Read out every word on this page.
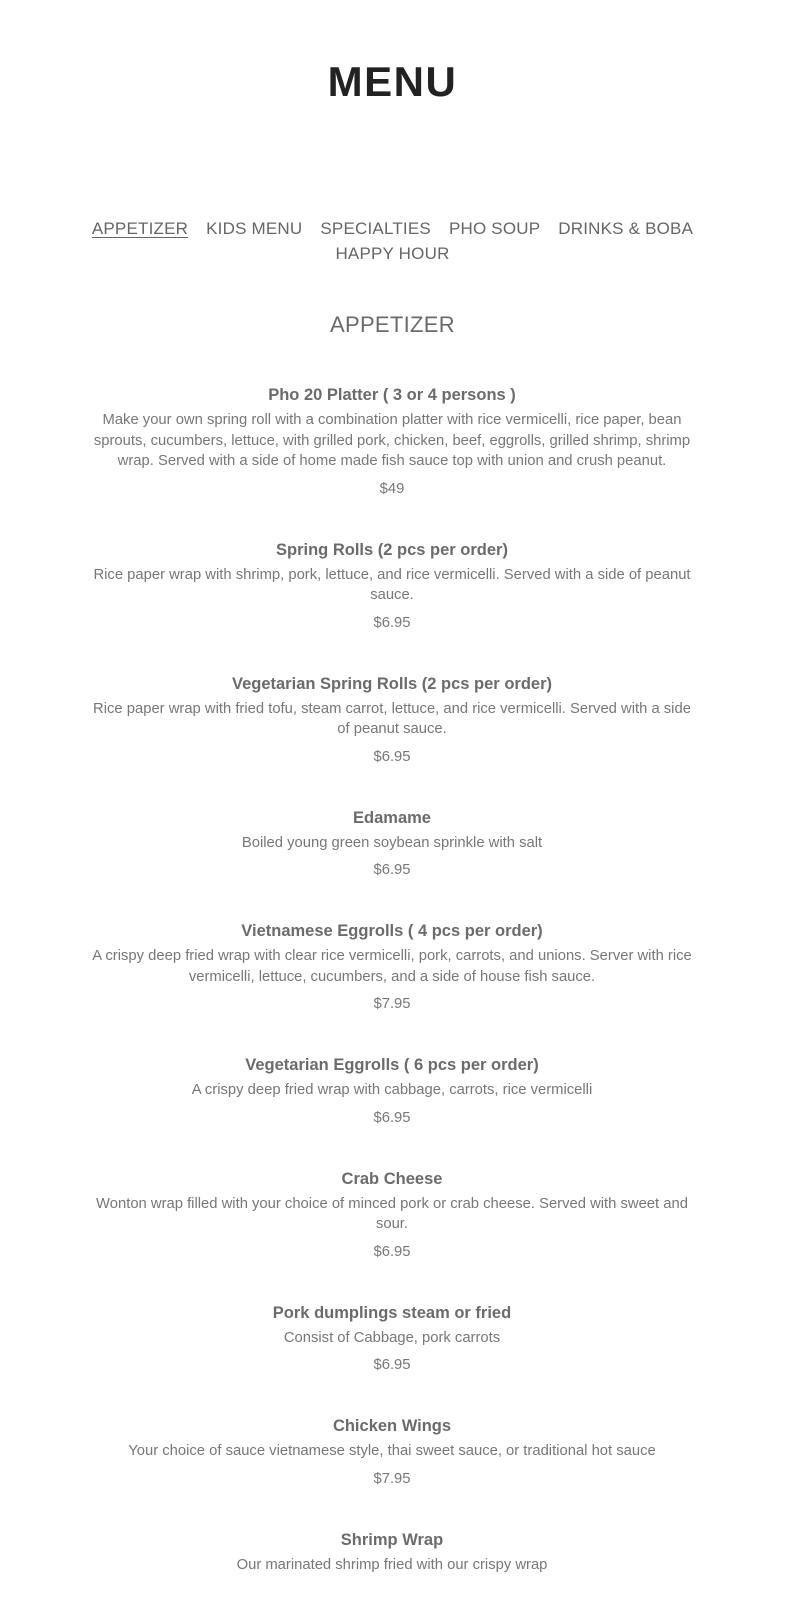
MENU
APPETIZER KIDS MENU SPECIALTIES PHO SOUP DRINKS & BOBA
HAPPY HOUR
APPETIZER
Pho 20 Platter ( 3 or 4 persons )

Make your own spring roll with a combination platter with rice vermicelli, rice paper, bean sprouts, cucumbers, lettuce, with grilled pork, chicken, beef, eggrolls, grilled shrimp, shrimp wrap. Served with a side of home made fish sauce top with union and crush peanut.

$49
Spring Rolls (2 pcs per order)

Rice paper wrap with shrimp, pork, lettuce, and rice vermicelli. Served with a side of peanut sauce.

$6.95
Vegetarian Spring Rolls (2 pcs per order)

Rice paper wrap with fried tofu, steam carrot, lettuce, and rice vermicelli. Served with a side of peanut sauce.

$6.95
Edamame

Boiled young green soybean sprinkle with salt

$6.95
Vietnamese Eggrolls ( 4 pcs per order)

A crispy deep fried wrap with clear rice vermicelli, pork, carrots, and unions. Server with rice vermicelli, lettuce, cucumbers, and a side of house fish sauce.

$7.95
Vegetarian Eggrolls ( 6 pcs per order)

A crispy deep fried wrap with cabbage, carrots, rice vermicelli

$6.95
Crab Cheese

Wonton wrap filled with your choice of minced pork or crab cheese. Served with sweet and sour.

$6.95
Pork dumplings steam or fried

Consist of Cabbage, pork carrots

$6.95
Chicken Wings

Your choice of sauce vietnamese style, thai sweet sauce, or traditional hot sauce

$7.95
Shrimp Wrap

Our marinated shrimp fried with our crispy wrap
